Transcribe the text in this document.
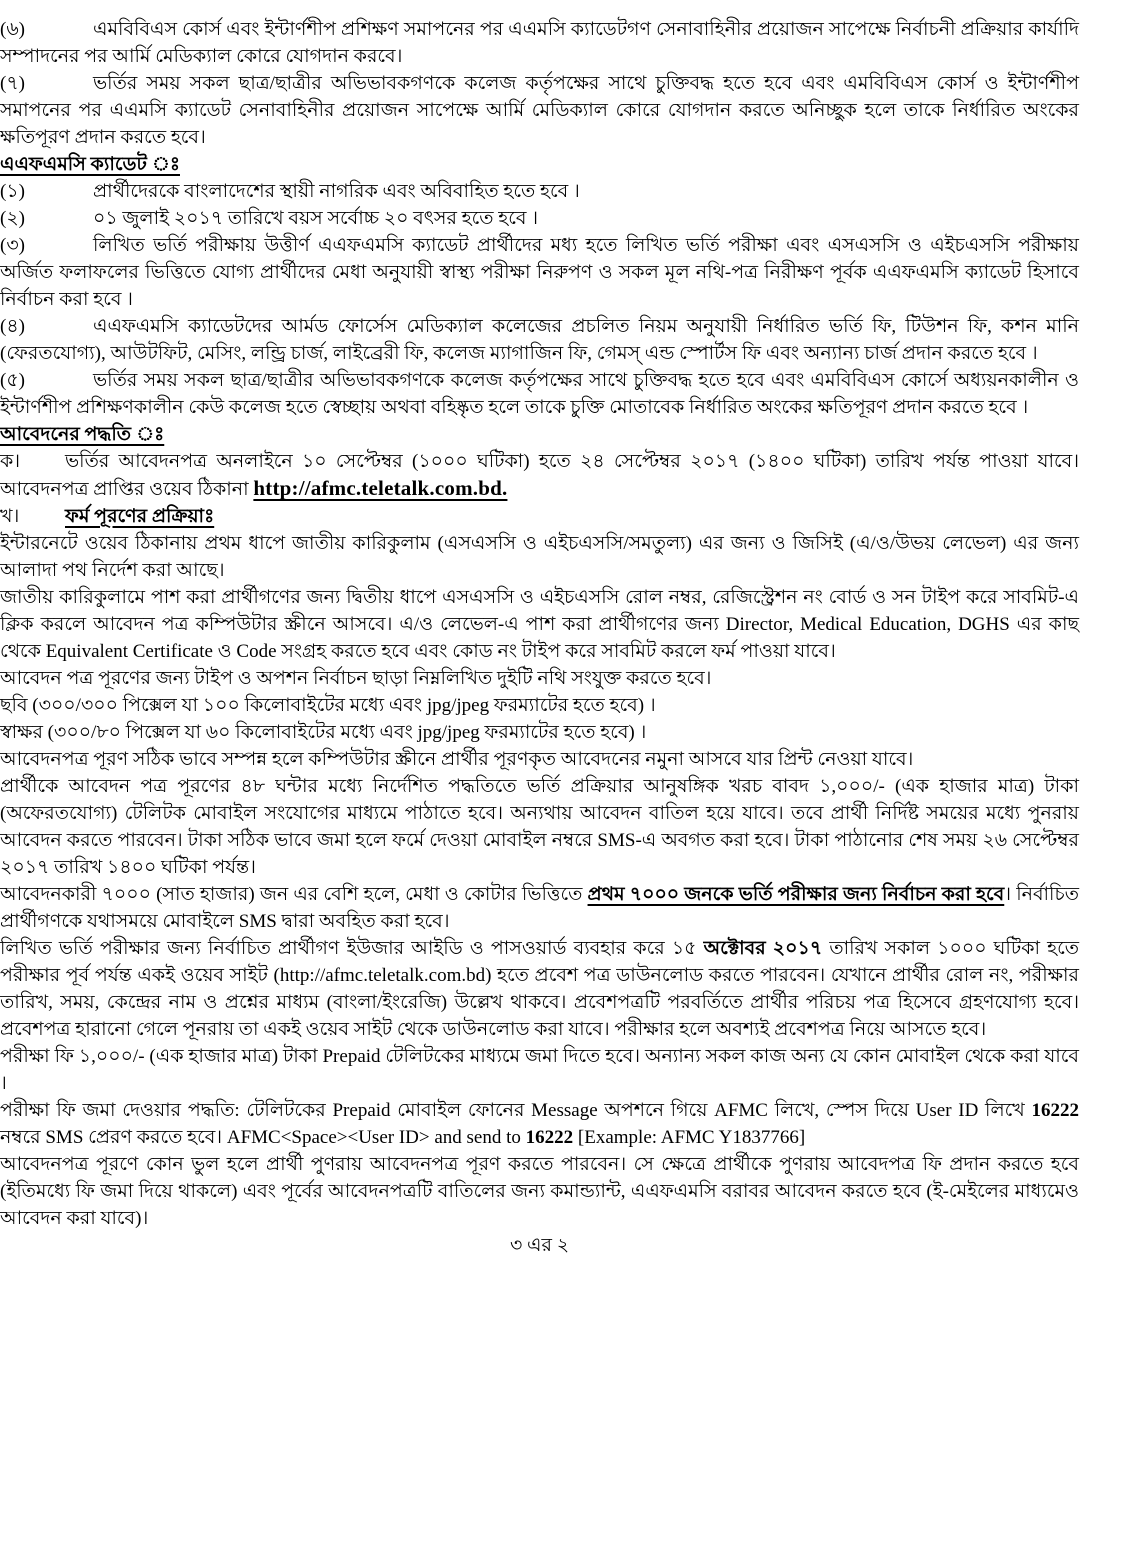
(৬)	এমবিবিএস কোর্স এবং ইন্টার্ণশীপ প্রশিক্ষণ সমাপনের পর এএমসি ক্যাডেটগণ সেনাবাহিনীর প্রয়োজন সাপেক্ষে নির্বাচনী প্রক্রিয়ার কার্যাদি সম্পাদনের পর আর্মি মেডিক্যাল কোরে যোগদান করবে।

(৭)	ভর্তির সময় সকল ছাত্র/ছাত্রীর অভিভাবকগণকে কলেজ কর্তৃপক্ষের সাথে চুক্তিবদ্ধ হতে হবে এবং এমবিবিএস কোর্স ও ইন্টার্ণশীপ সমাপনের পর এএমসি ক্যাডেট সেনাবাহিনীর প্রয়োজন সাপেক্ষে আর্মি মেডিক্যাল কোরে যোগদান করতে অনিচ্ছুক হলে তাকে নির্ধারিত অংকের ক্ষতিপূরণ প্রদান করতে হবে।

এএফএমসি ক্যাডেট ঃ

(১)	প্রার্থীদেরকে বাংলাদেশের স্থায়ী নাগরিক এবং অবিবাহিত হতে হবে ।

(২)	০১ জুলাই ২০১৭ তারিখে বয়স সর্বোচ্চ ২০ বৎসর হতে হবে ।

(৩)	লিখিত ভর্তি পরীক্ষায় উত্তীর্ণ এএফএমসি ক্যাডেট প্রার্থীদের মধ্য হতে লিখিত ভর্তি পরীক্ষা এবং এসএসসি ও এইচএসসি পরীক্ষায় অর্জিত ফলাফলের ভিত্তিতে যোগ্য প্রার্থীদের মেধা অনুযায়ী স্বাস্থ্য পরীক্ষা নিরুপণ ও সকল মূল নথি-পত্র নিরীক্ষণ পূর্বক এএফএমসি ক্যাডেট হিসাবে নির্বাচন করা হবে ।

(৪)	এএফএমসি ক্যাডেটদের আর্মড ফোর্সেস মেডিক্যাল কলেজের প্রচলিত নিয়ম অনুযায়ী নির্ধারিত ভর্তি ফি, টিউশন ফি, কশন মানি (ফেরতযোগ্য), আউটফিট, মেসিং, লন্ড্রি চার্জ, লাইব্রেরী ফি, কলেজ ম্যাগাজিন ফি, গেমস্ এন্ড স্পোর্টস ফি এবং অন্যান্য চার্জ প্রদান করতে হবে ।

(৫)	ভর্তির সময় সকল ছাত্র/ছাত্রীর অভিভাবকগণকে কলেজ কর্তৃপক্ষের সাথে চুক্তিবদ্ধ হতে হবে এবং এমবিবিএস কোর্সে অধ্যয়নকালীন ও ইন্টার্ণশীপ প্রশিক্ষণকালীন কেউ কলেজ হতে স্বেচ্ছায় অথবা বহিষ্কৃত হলে তাকে চুক্তি মোতাবেক নির্ধারিত অংকের ক্ষতিপূরণ প্রদান করতে হবে ।

আবেদনের পদ্ধতি ঃ

ক। ভর্তির আবেদনপত্র অনলাইনে ১০ সেপ্টেম্বর (১০০০ ঘটিকা) হতে ২৪ সেপ্টেম্বর ২০১৭ (১৪০০ ঘটিকা) তারিখ পর্যন্ত পাওয়া যাবে। আবেদনপত্র প্রাপ্তির ওয়েব ঠিকানা http://afmc.teletalk.com.bd.

খ। ফর্ম পূরণের প্রক্রিয়াঃ

ইন্টারনেটে ওয়েব ঠিকানায় প্রথম ধাপে জাতীয় কারিকুলাম (এসএসসি ও এইচএসসি/সমতুল্য) এর জন্য ও জিসিই (এ/ও/উভয় লেভেল) এর জন্য আলাদা পথ নির্দেশ করা আছে।

জাতীয় কারিকুলামে পাশ করা প্রার্থীগণের জন্য দ্বিতীয় ধাপে এসএসসি ও এইচএসসি রোল নম্বর, রেজিস্ট্রেশন নং বোর্ড ও সন টাইপ করে সাবমিট-এ ক্লিক করলে আবেদন পত্র কম্পিউটার স্ক্রীনে আসবে। এ/ও লেভেল-এ পাশ করা প্রার্থীগণের জন্য Director, Medical Education, DGHS এর কাছ থেকে Equivalent Certificate ও Code সংগ্রহ করতে হবে এবং কোড নং টাইপ করে সাবমিট করলে ফর্ম পাওয়া যাবে।

আবেদন পত্র পূরণের জন্য টাইপ ও অপশন নির্বাচন ছাড়া নিম্নলিখিত দুইটি নথি সংযুক্ত করতে হবে।

ছবি (৩০০/৩০০ পিক্সেল যা ১০০ কিলোবাইটের মধ্যে এবং jpg/jpeg ফরম্যাটের হতে হবে) ।

স্বাক্ষর (৩০০/৮০ পিক্সেল যা ৬০ কিলোবাইটের মধ্যে এবং jpg/jpeg ফরম্যাটের হতে হবে) ।

আবেদনপত্র পূরণ সঠিক ভাবে সম্পন্ন হলে কম্পিউটার স্ক্রীনে প্রার্থীর পূরণকৃত আবেদনের নমুনা আসবে যার প্রিন্ট নেওয়া যাবে।

প্রার্থীকে আবেদন পত্র পূরণের ৪৮ ঘন্টার মধ্যে নির্দেশিত পদ্ধতিতে ভর্তি প্রক্রিয়ার আনুষঙ্গিক খরচ বাবদ ১,০০০/- (এক হাজার মাত্র) টাকা (অফেরতযোগ্য) টেলিটক মোবাইল সংযোগের মাধ্যমে পাঠাতে হবে। অন্যথায় আবেদন বাতিল হয়ে যাবে। তবে প্রার্থী নির্দিষ্ট সময়ের মধ্যে পুনরায় আবেদন করতে পারবেন। টাকা সঠিক ভাবে জমা হলে ফর্মে দেওয়া মোবাইল নম্বরে SMS-এ অবগত করা হবে। টাকা পাঠানোর শেষ সময় ২৬ সেপ্টেম্বর ২০১৭ তারিখ ১৪০০ ঘটিকা পর্যন্ত।

আবেদনকারী ৭০০০ (সাত হাজার) জন এর বেশি হলে, মেধা ও কোটার ভিত্তিতে প্রথম ৭০০০ জনকে ভর্তি পরীক্ষার জন্য নির্বাচন করা হবে। নির্বাচিত প্রার্থীগণকে যথাসময়ে মোবাইলে SMS দ্বারা অবহিত করা হবে।

লিখিত ভর্তি পরীক্ষার জন্য নির্বাচিত প্রার্থীগণ ইউজার আইডি ও পাসওয়ার্ড ব্যবহার করে ১৫ অক্টোবর ২০১৭ তারিখ সকাল ১০০০ ঘটিকা হতে পরীক্ষার পূর্ব পর্যন্ত একই ওয়েব সাইট (http://afmc.teletalk.com.bd) হতে প্রবেশ পত্র ডাউনলোড করতে পারবেন। যেখানে প্রার্থীর রোল নং, পরীক্ষার তারিখ, সময়, কেন্দ্রের নাম ও প্রশ্নের মাধ্যম (বাংলা/ইংরেজি) উল্লেখ থাকবে। প্রবেশপত্রটি পরবর্তিতে প্রার্থীর পরিচয় পত্র হিসেবে গ্রহণযোগ্য হবে। প্রবেশপত্র হারানো গেলে পূনরায় তা একই ওয়েব সাইট থেকে ডাউনলোড করা যাবে। পরীক্ষার হলে অবশ্যই প্রবেশপত্র নিয়ে আসতে হবে।

পরীক্ষা ফি ১,০০০/- (এক হাজার মাত্র) টাকা Prepaid টেলিটকের মাধ্যমে জমা দিতে হবে। অন্যান্য সকল কাজ অন্য যে কোন মোবাইল থেকে করা যাবে ।

পরীক্ষা ফি জমা দেওয়ার পদ্ধতি: টেলিটকের Prepaid মোবাইল ফোনের Message অপশনে গিয়ে AFMC লিখে, স্পেস দিয়ে User ID লিখে 16222 নম্বরে SMS প্রেরণ করতে হবে। AFMC<Space><User ID> and send to 16222 [Example: AFMC Y1837766]

আবেদনপত্র পূরণে কোন ভুল হলে প্রার্থী পুণরায় আবেদনপত্র পূরণ করতে পারবেন। সে ক্ষেত্রে প্রার্থীকে পুণরায় আবেদপত্র ফি প্রদান করতে হবে (ইতিমধ্যে ফি জমা দিয়ে থাকলে) এবং পূর্বের আবেদনপত্রটি বাতিলের জন্য কমান্ড্যান্ট, এএফএমসি বরাবর আবেদন করতে হবে (ই-মেইলের মাধ্যমেও আবেদন করা যাবে)।

৩ এর ২
